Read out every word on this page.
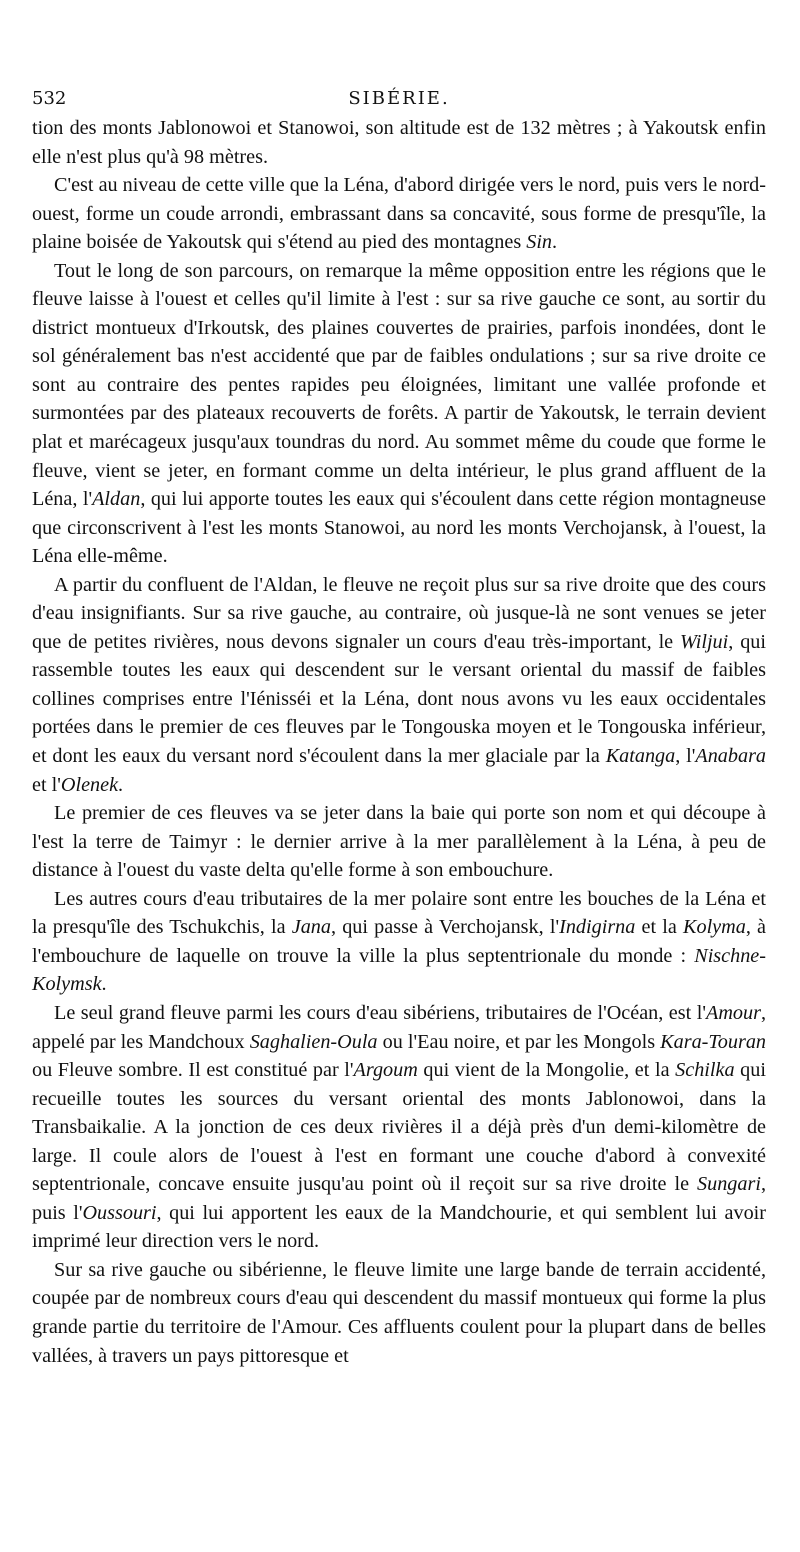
532	SIBÉRIE.

tion des monts Jablonowoi et Stanowoi, son altitude est de 132 mètres ; à Yakoutsk enfin elle n'est plus qu'à 98 mètres.

C'est au niveau de cette ville que la Léna, d'abord dirigée vers le nord, puis vers le nord-ouest, forme un coude arrondi, embrassant dans sa concavité, sous forme de presqu'île, la plaine boisée de Yakoutsk qui s'étend au pied des montagnes Sin.

Tout le long de son parcours, on remarque la même opposition entre les régions que le fleuve laisse à l'ouest et celles qu'il limite à l'est : sur sa rive gauche ce sont, au sortir du district montueux d'Irkoutsk, des plaines couvertes de prairies, parfois inondées, dont le sol généralement bas n'est accidenté que par de faibles ondulations ; sur sa rive droite ce sont au contraire des pentes rapides peu éloignées, limitant une vallée profonde et surmontées par des plateaux recouverts de forêts. A partir de Yakoutsk, le terrain devient plat et marécageux jusqu'aux toundras du nord. Au sommet même du coude que forme le fleuve, vient se jeter, en formant comme un delta intérieur, le plus grand affluent de la Léna, l'Aldan, qui lui apporte toutes les eaux qui s'écoulent dans cette région montagneuse que circonscrivent à l'est les monts Stanowoi, au nord les monts Verchojansk, à l'ouest, la Léna elle-même.

A partir du confluent de l'Aldan, le fleuve ne reçoit plus sur sa rive droite que des cours d'eau insignifiants. Sur sa rive gauche, au contraire, où jusque-là ne sont venues se jeter que de petites rivières, nous devons signaler un cours d'eau très-important, le Wiljui, qui rassemble toutes les eaux qui descendent sur le versant oriental du massif de faibles collines comprises entre l'Iénisséi et la Léna, dont nous avons vu les eaux occidentales portées dans le premier de ces fleuves par le Tongouska moyen et le Tongouska inférieur, et dont les eaux du versant nord s'écoulent dans la mer glaciale par la Katanga, l'Anabara et l'Olenek.

Le premier de ces fleuves va se jeter dans la baie qui porte son nom et qui découpe à l'est la terre de Taimyr : le dernier arrive à la mer parallèlement à la Léna, à peu de distance à l'ouest du vaste delta qu'elle forme à son embouchure.

Les autres cours d'eau tributaires de la mer polaire sont entre les bouches de la Léna et la presqu'île des Tschukchis, la Jana, qui passe à Verchojansk, l'Indigirna et la Kolyma, à l'embouchure de laquelle on trouve la ville la plus septentrionale du monde : Nischne-Kolymsk.

Le seul grand fleuve parmi les cours d'eau sibériens, tributaires de l'Océan, est l'Amour, appelé par les Mandchoux Saghalien-Oula ou l'Eau noire, et par les Mongols Kara-Touran ou Fleuve sombre. Il est constitué par l'Argoum qui vient de la Mongolie, et la Schilka qui recueille toutes les sources du versant oriental des monts Jablonowoi, dans la Transbaikalie. A la jonction de ces deux rivières il a déjà près d'un demi-kilomètre de large. Il coule alors de l'ouest à l'est en formant une couche d'abord à convexité septentrionale, concave ensuite jusqu'au point où il reçoit sur sa rive droite le Sungari, puis l'Oussouri, qui lui apportent les eaux de la Mandchourie, et qui semblent lui avoir imprimé leur direction vers le nord.

Sur sa rive gauche ou sibérienne, le fleuve limite une large bande de terrain accidenté, coupée par de nombreux cours d'eau qui descendent du massif montueux qui forme la plus grande partie du territoire de l'Amour. Ces affluents coulent pour la plupart dans de belles vallées, à travers un pays pittoresque et
